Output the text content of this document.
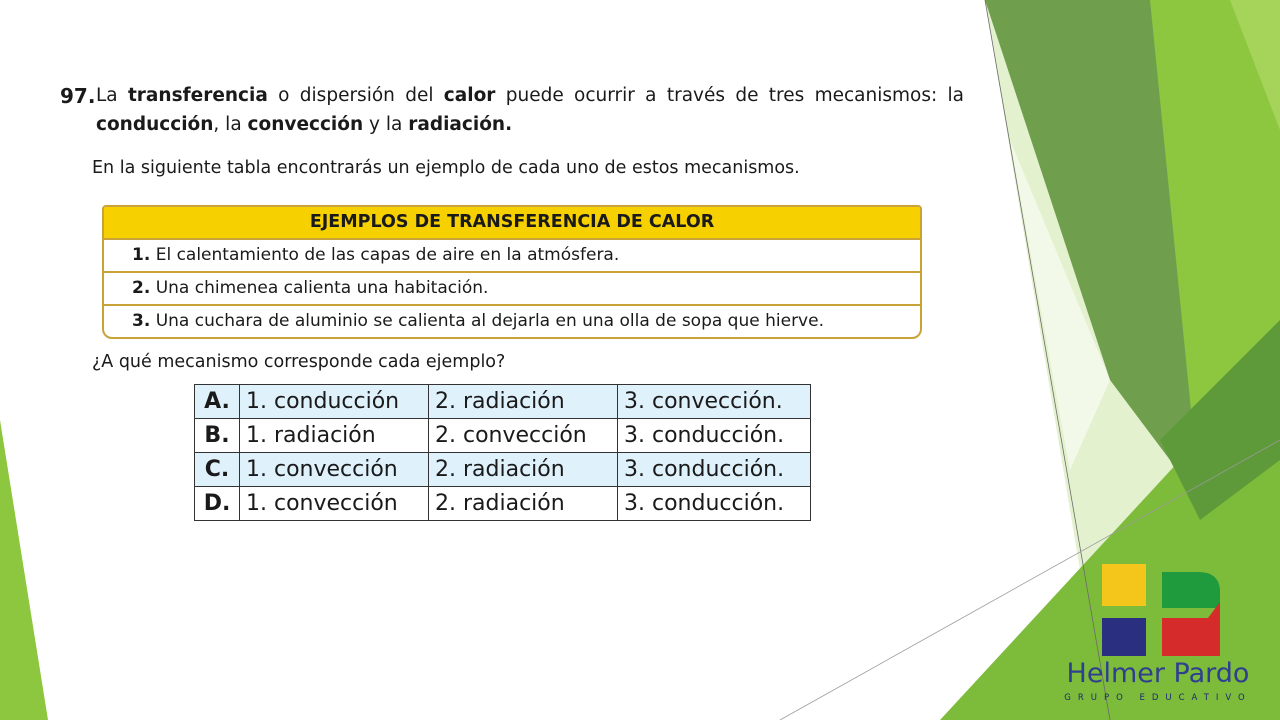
97. La transferencia o dispersión del calor puede ocurrir a través de tres mecanismos: la conducción, la convección y la radiación.
En la siguiente tabla encontrarás un ejemplo de cada uno de estos mecanismos.
EJEMPLOS DE TRANSFERENCIA DE CALOR
1. El calentamiento de las capas de aire en la atmósfera.
2. Una chimenea calienta una habitación.
3. Una cuchara de aluminio se calienta al dejarla en una olla de sopa que hierve.
¿A qué mecanismo corresponde cada ejemplo?
A.	1. conducción	2. radiación	3. convección.
B.	1. radiación	2. convección	3. conducción.
C.	1. convección	2. radiación	3. conducción.
D.	1. convección	2. radiación	3. conducción.
Helmer Pardo
GRUPO EDUCATIVO
